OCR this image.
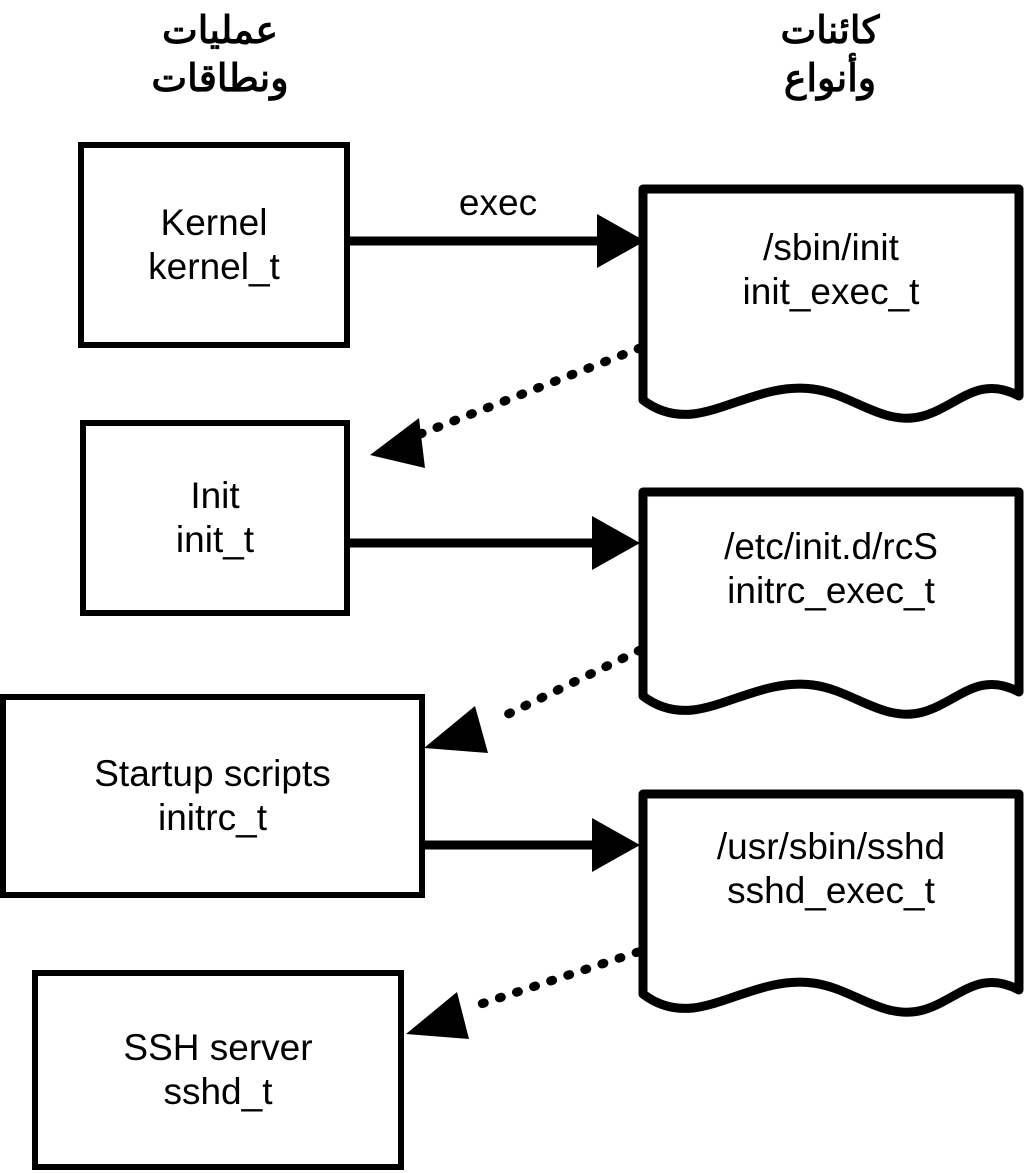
عمليات
ونطاقات
كائنات
وأنواع
Kernel
kernel_t
Init
init_t
Startup scripts
initrc_t
SSH server
sshd_t
/sbin/init
init_exec_t
/etc/init.d/rcS
initrc_exec_t
/usr/sbin/sshd
sshd_exec_t
exec
